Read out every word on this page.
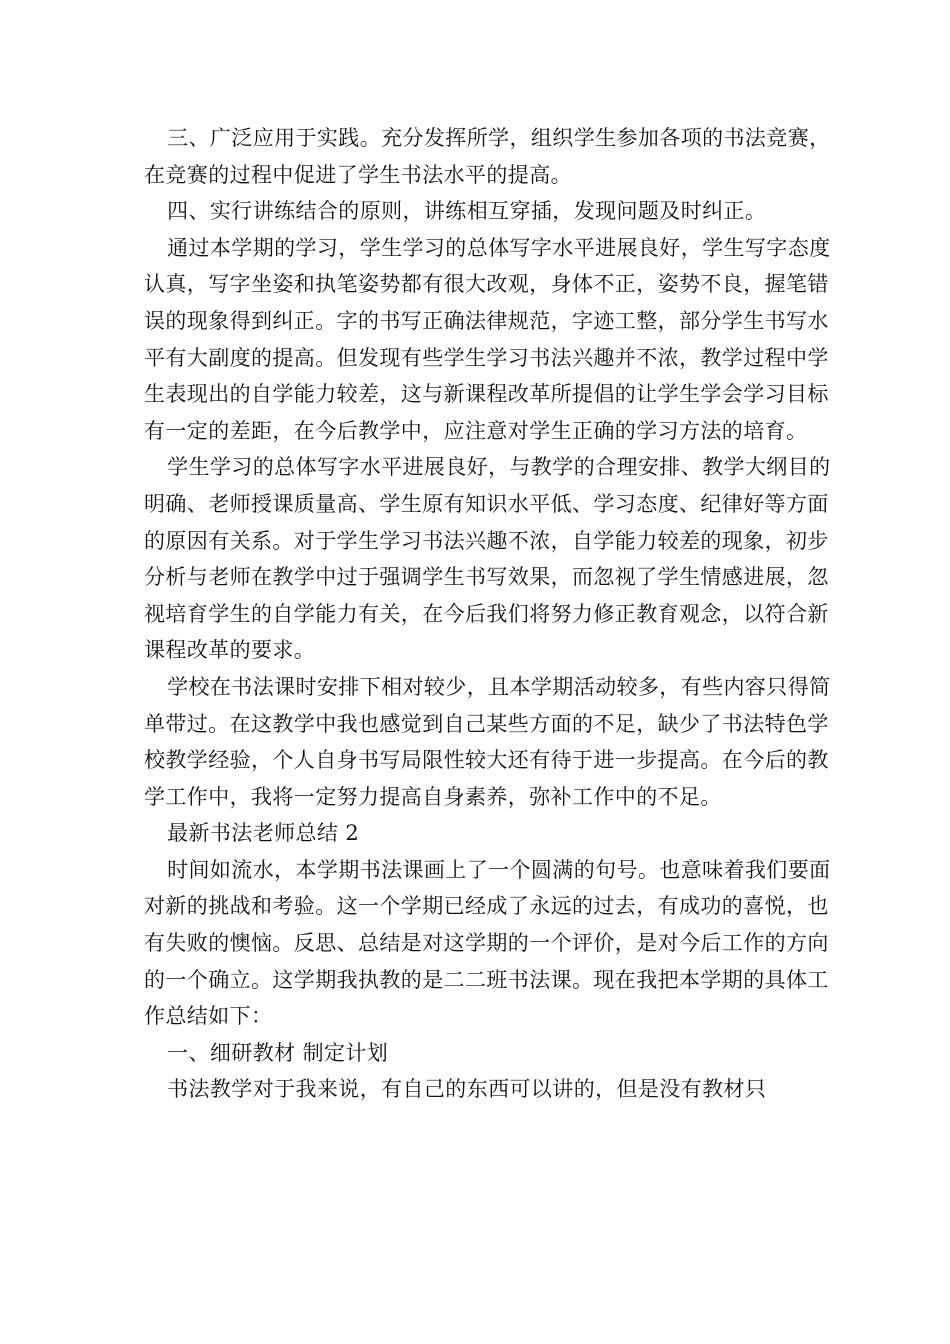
三、广泛应用于实践。充分发挥所学，组织学生参加各项的书法竞赛，在竞赛的过程中促进了学生书法水平的提高。

四、实行讲练结合的原则，讲练相互穿插，发现问题及时纠正。

通过本学期的学习，学生学习的总体写字水平进展良好，学生写字态度认真，写字坐姿和执笔姿势都有很大改观，身体不正，姿势不良，握笔错误的现象得到纠正。字的书写正确法律规范，字迹工整，部分学生书写水平有大副度的提高。但发现有些学生学习书法兴趣并不浓，教学过程中学生表现出的自学能力较差，这与新课程改革所提倡的让学生学会学习目标有一定的差距，在今后教学中，应注意对学生正确的学习方法的培育。

学生学习的总体写字水平进展良好，与教学的合理安排、教学大纲目的明确、老师授课质量高、学生原有知识水平低、学习态度、纪律好等方面的原因有关系。对于学生学习书法兴趣不浓，自学能力较差的现象，初步分析与老师在教学中过于强调学生书写效果，而忽视了学生情感进展，忽视培育学生的自学能力有关，在今后我们将努力修正教育观念，以符合新课程改革的要求。

学校在书法课时安排下相对较少，且本学期活动较多，有些内容只得简单带过。在这教学中我也感觉到自己某些方面的不足，缺少了书法特色学校教学经验，个人自身书写局限性较大还有待于进一步提高。在今后的教学工作中，我将一定努力提高自身素养，弥补工作中的不足。

最新书法老师总结 2

时间如流水，本学期书法课画上了一个圆满的句号。也意味着我们要面对新的挑战和考验。这一个学期已经成了永远的过去，有成功的喜悦，也有失败的懊恼。反思、总结是对这学期的一个评价，是对今后工作的方向的一个确立。这学期我执教的是二二班书法课。现在我把本学期的具体工作总结如下：

一、细研教材 制定计划

书法教学对于我来说，有自己的东西可以讲的，但是没有教材只
